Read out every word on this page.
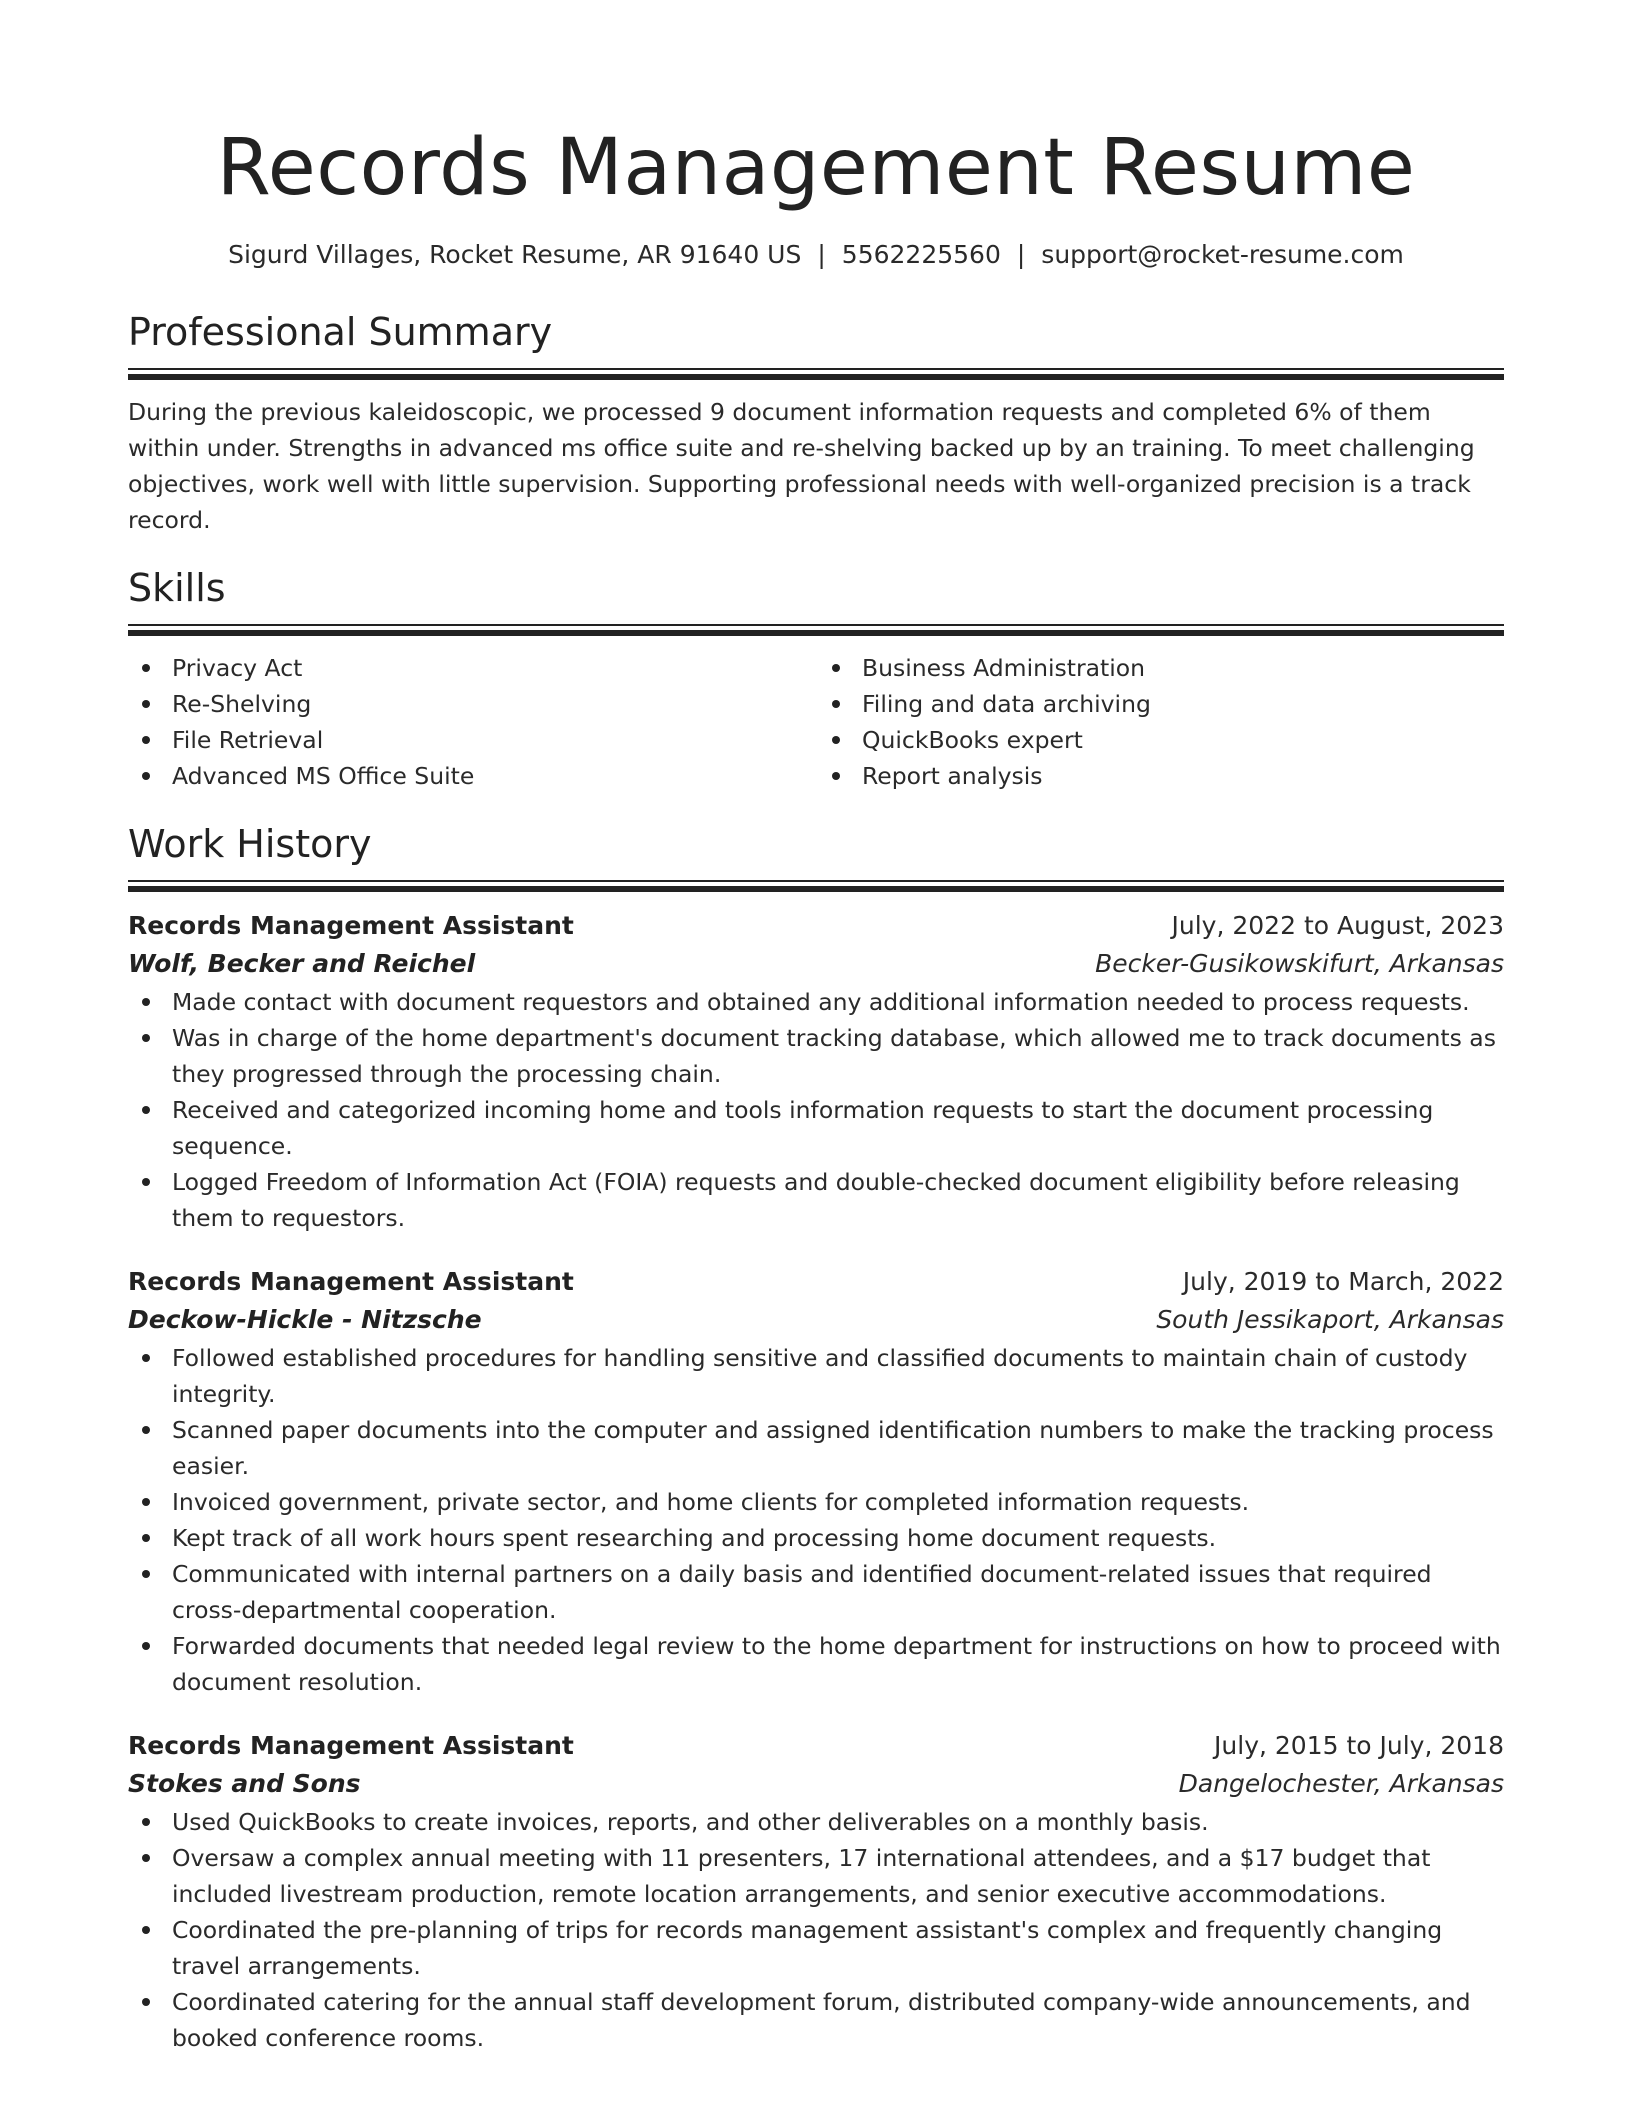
Records Management Resume
Sigurd Villages, Rocket Resume, AR 91640 US | 5562225560 | support@rocket-resume.com
Professional Summary
During the previous kaleidoscopic, we processed 9 document information requests and completed 6% of them within under. Strengths in advanced ms office suite and re-shelving backed up by an training. To meet challenging objectives, work well with little supervision. Supporting professional needs with well-organized precision is a track record.
Skills
Privacy Act
Re-Shelving
File Retrieval
Advanced MS Office Suite
Business Administration
Filing and data archiving
QuickBooks expert
Report analysis
Work History
Records Management Assistant	July, 2022 to August, 2023
Wolf, Becker and Reichel	Becker-Gusikowskifurt, Arkansas
Made contact with document requestors and obtained any additional information needed to process requests.
Was in charge of the home department's document tracking database, which allowed me to track documents as they progressed through the processing chain.
Received and categorized incoming home and tools information requests to start the document processing sequence.
Logged Freedom of Information Act (FOIA) requests and double-checked document eligibility before releasing them to requestors.
Records Management Assistant	July, 2019 to March, 2022
Deckow-Hickle - Nitzsche	South Jessikaport, Arkansas
Followed established procedures for handling sensitive and classified documents to maintain chain of custody integrity.
Scanned paper documents into the computer and assigned identification numbers to make the tracking process easier.
Invoiced government, private sector, and home clients for completed information requests.
Kept track of all work hours spent researching and processing home document requests.
Communicated with internal partners on a daily basis and identified document-related issues that required cross-departmental cooperation.
Forwarded documents that needed legal review to the home department for instructions on how to proceed with document resolution.
Records Management Assistant	July, 2015 to July, 2018
Stokes and Sons	Dangelochester, Arkansas
Used QuickBooks to create invoices, reports, and other deliverables on a monthly basis.
Oversaw a complex annual meeting with 11 presenters, 17 international attendees, and a $17 budget that included livestream production, remote location arrangements, and senior executive accommodations.
Coordinated the pre-planning of trips for records management assistant's complex and frequently changing travel arrangements.
Coordinated catering for the annual staff development forum, distributed company-wide announcements, and booked conference rooms.
